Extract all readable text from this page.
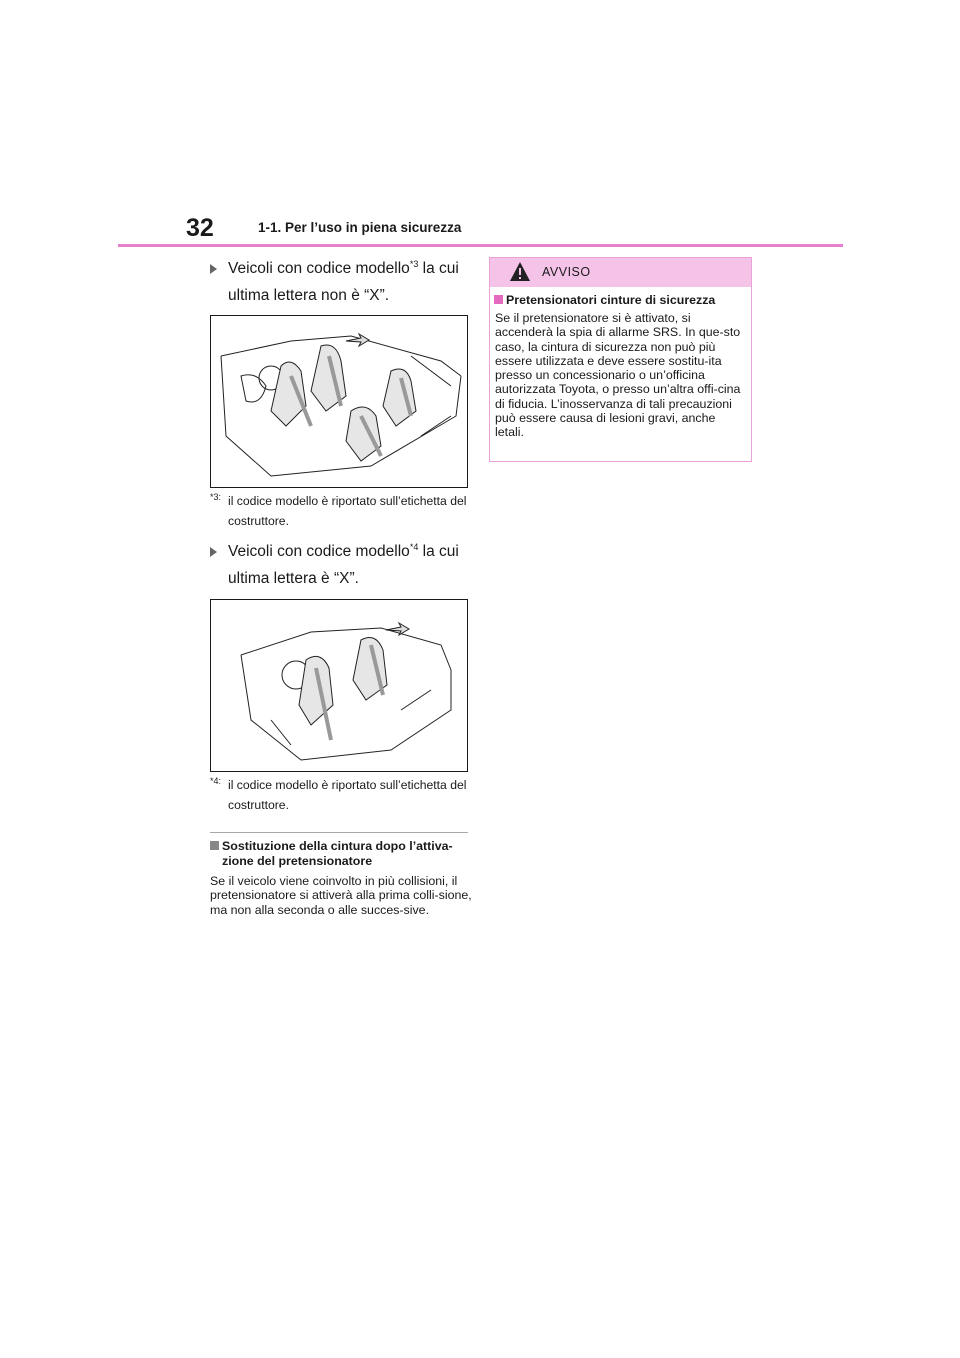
32	1-1. Per l’uso in piena sicurezza
Veicoli con codice modello$^{*3}$ la cui ultima lettera non è “X”.
$^{*3:}$ il codice modello è riportato sull’etichetta del costruttore.
Veicoli con codice modello$^{*4}$ la cui ultima lettera è “X”.
$^{*4:}$ il codice modello è riportato sull’etichetta del costruttore.
Sostituzione della cintura dopo l’attiva-zione del pretensionatore
Se il veicolo viene coinvolto in più collisioni, il pretensionatore si attiverà alla prima colli-sione, ma non alla seconda o alle succes-sive.
AVVISO
Pretensionatori cinture di sicurezza
Se il pretensionatore si è attivato, si accenderà la spia di allarme SRS. In que-sto caso, la cintura di sicurezza non può più essere utilizzata e deve essere sostitu-ita presso un concessionario o un’officina autorizzata Toyota, o presso un’altra offi-cina di fiducia. L’inosservanza di tali precauzioni può essere causa di lesioni gravi, anche letali.
